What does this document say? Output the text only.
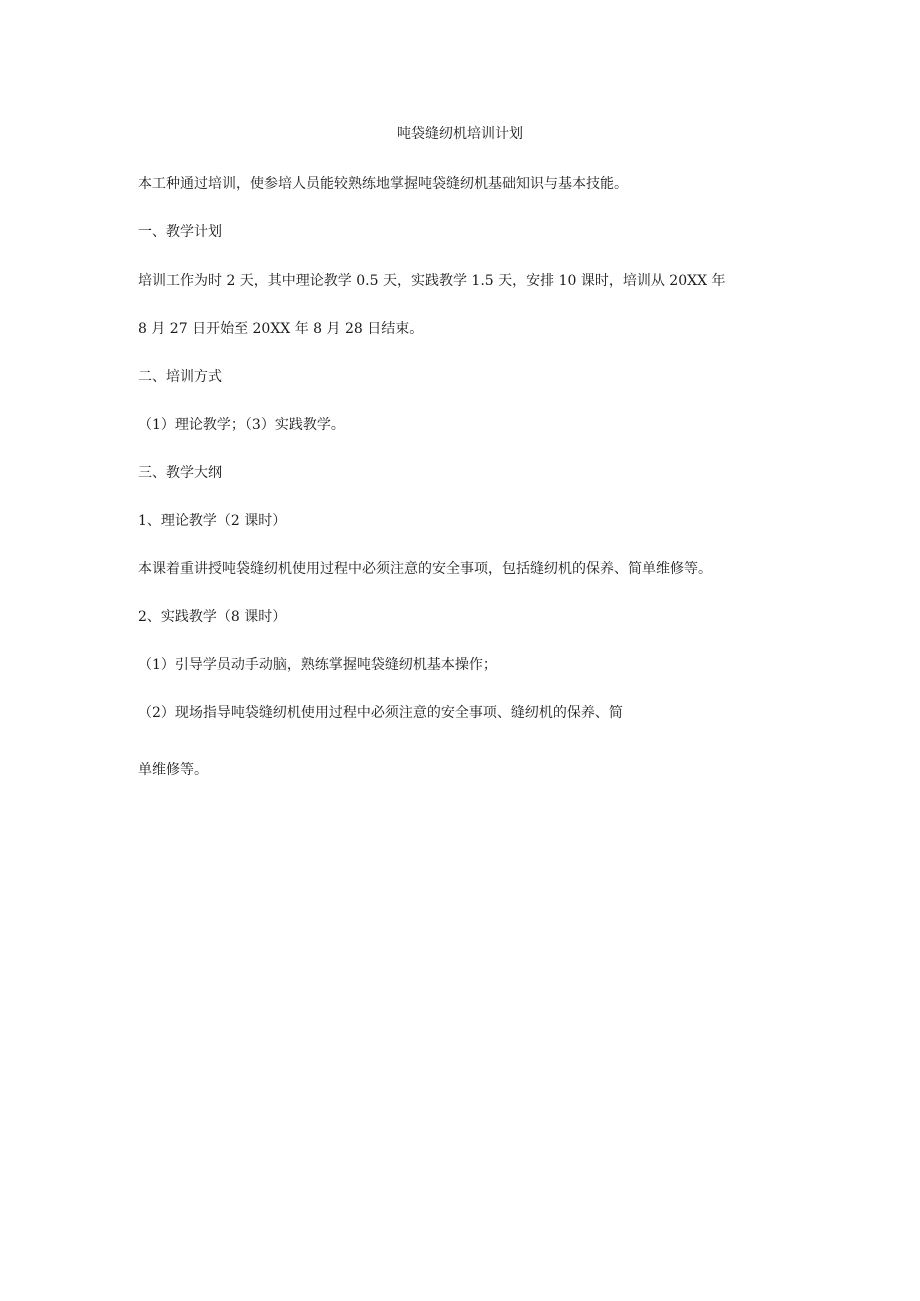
吨袋缝纫机培训计划
本工种通过培训，使参培人员能较熟练地掌握吨袋缝纫机基础知识与基本技能。
一、教学计划
培训工作为时 2 天，其中理论教学 0.5 天，实践教学 1.5 天，安排 10 课时，培训从 20XX 年
8 月 27 日开始至 20XX 年 8 月 28 日结束。
二、培训方式
（1）理论教学；（3）实践教学。
三、教学大纲
1、理论教学（2 课时）
本课着重讲授吨袋缝纫机使用过程中必须注意的安全事项，包括缝纫机的保养、简单维修等。
2、实践教学（8 课时）
（1）引导学员动手动脑，熟练掌握吨袋缝纫机基本操作；
（2）现场指导吨袋缝纫机使用过程中必须注意的安全事项、缝纫机的保养、简
单维修等。
